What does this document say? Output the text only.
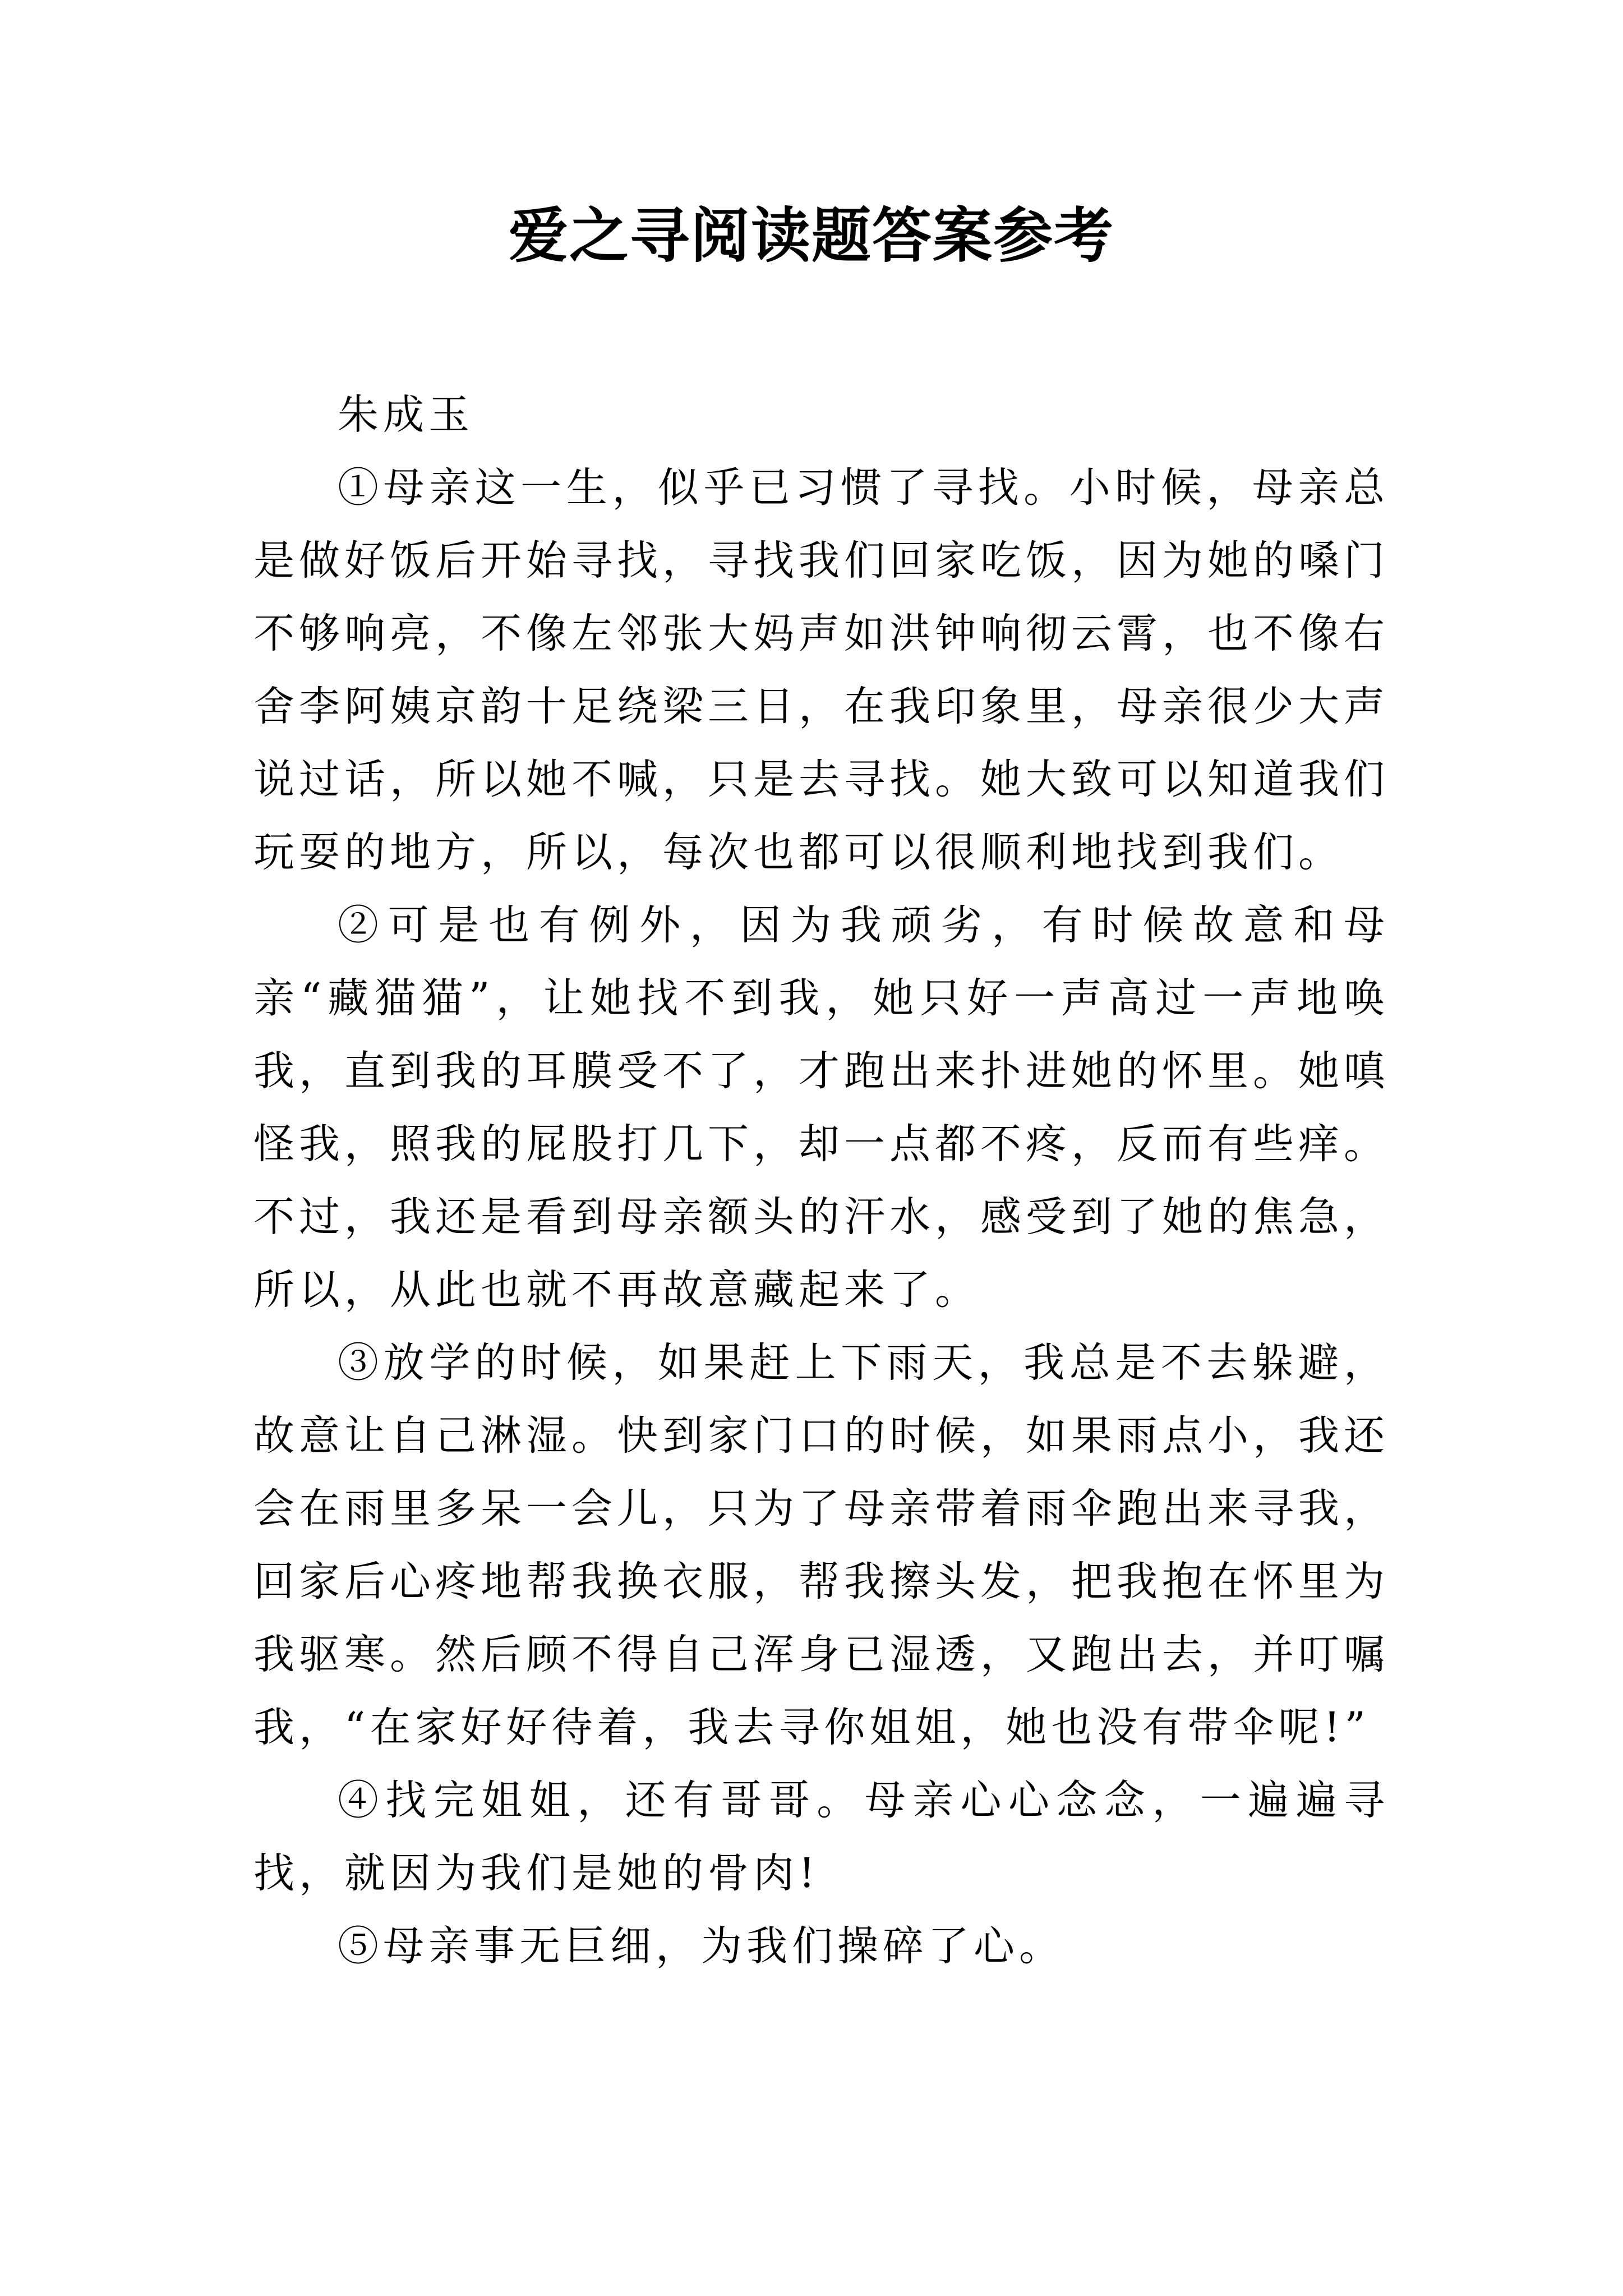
爱之寻阅读题答案参考

朱成玉

①母亲这一生，似乎已习惯了寻找。小时候，母亲总是做好饭后开始寻找，寻找我们回家吃饭，因为她的嗓门不够响亮，不像左邻张大妈声如洪钟响彻云霄，也不像右舍李阿姨京韵十足绕梁三日，在我印象里，母亲很少大声说过话，所以她不喊，只是去寻找。她大致可以知道我们玩耍的地方，所以，每次也都可以很顺利地找到我们。

②可是也有例外，因为我顽劣，有时候故意和母亲“藏猫猫”，让她找不到我，她只好一声高过一声地唤我，直到我的耳膜受不了，才跑出来扑进她的怀里。她嗔怪我，照我的屁股打几下，却一点都不疼，反而有些痒。不过，我还是看到母亲额头的汗水，感受到了她的焦急，所以，从此也就不再故意藏起来了。

③放学的时候，如果赶上下雨天，我总是不去躲避，故意让自己淋湿。快到家门口的时候，如果雨点小，我还会在雨里多呆一会儿，只为了母亲带着雨伞跑出来寻我，回家后心疼地帮我换衣服，帮我擦头发，把我抱在怀里为我驱寒。然后顾不得自己浑身已湿透，又跑出去，并叮嘱我，“在家好好待着，我去寻你姐姐，她也没有带伞呢!”

④找完姐姐，还有哥哥。母亲心心念念，一遍遍寻找，就因为我们是她的骨肉!

⑤母亲事无巨细，为我们操碎了心。
